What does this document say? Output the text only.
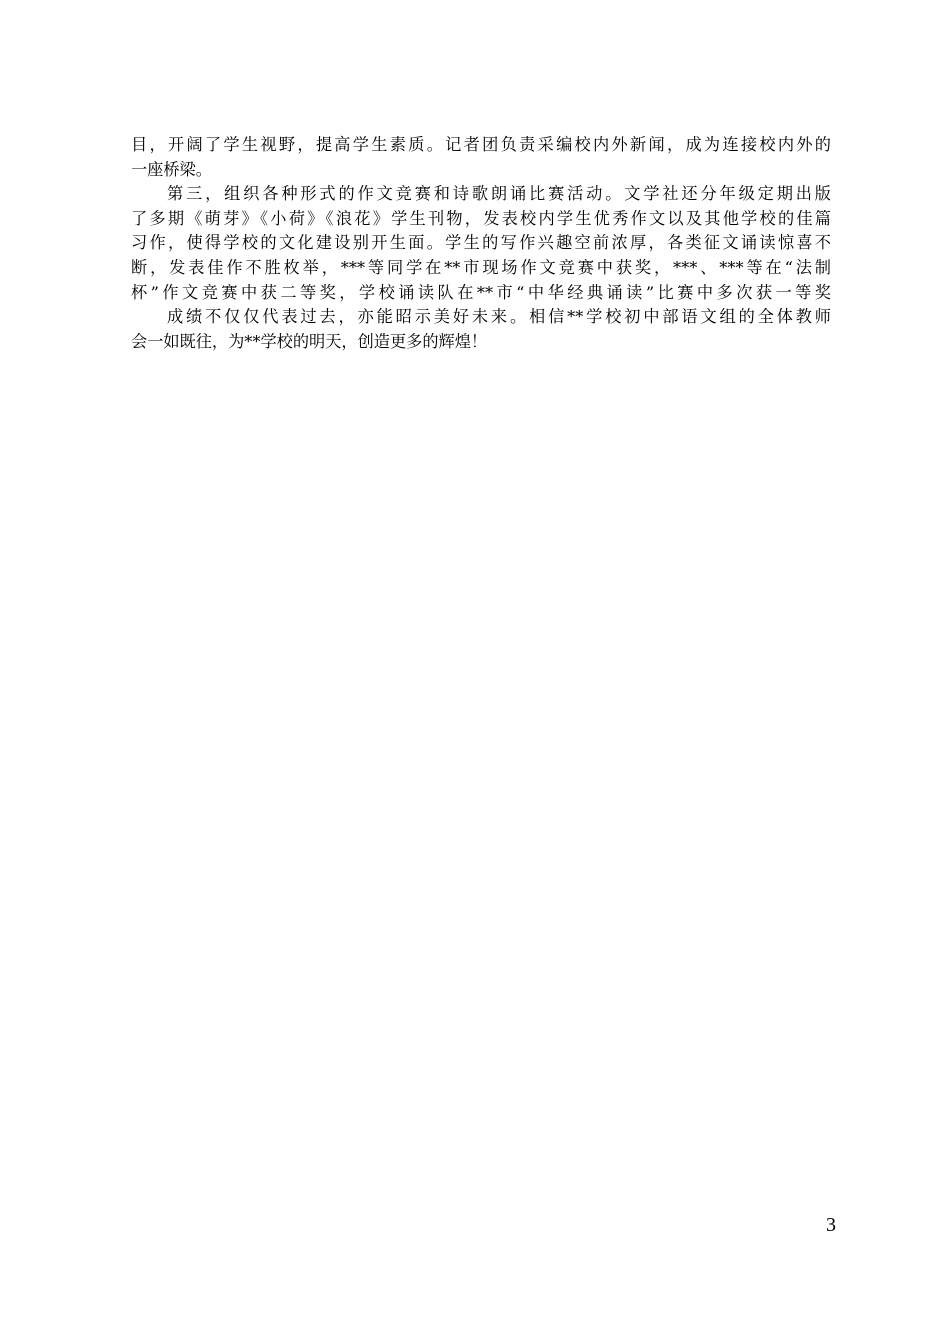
目，开阔了学生视野，提高学生素质。记者团负责采编校内外新闻，成为连接校内外的
一座桥梁。

第三，组织各种形式的作文竞赛和诗歌朗诵比赛活动。文学社还分年级定期出版
了多期《萌芽》《小荷》《浪花》学生刊物，发表校内学生优秀作文以及其他学校的佳篇
习作，使得学校的文化建设别开生面。学生的写作兴趣空前浓厚，各类征文诵读惊喜不
断，发表佳作不胜枚举，***等同学在**市现场作文竞赛中获奖，***、***等在“法制
杯”作文竞赛中获二等奖，学校诵读队在**市“中华经典诵读”比赛中多次获一等奖

成绩不仅仅代表过去，亦能昭示美好未来。相信**学校初中部语文组的全体教师
会一如既往，为**学校的明天，创造更多的辉煌！

3
